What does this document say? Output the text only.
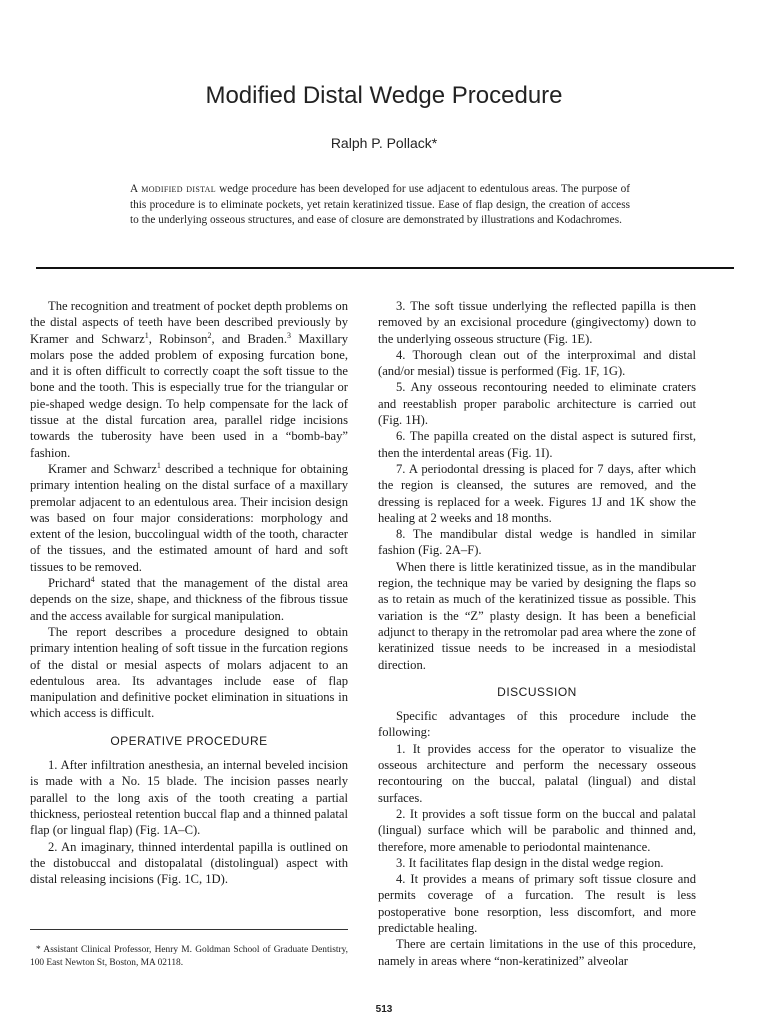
Modified Distal Wedge Procedure
Ralph P. Pollack*
A modified distal wedge procedure has been developed for use adjacent to edentulous areas. The purpose of this procedure is to eliminate pockets, yet retain keratinized tissue. Ease of flap design, the creation of access to the underlying osseous structures, and ease of closure are demonstrated by illustrations and Kodachromes.

The recognition and treatment of pocket depth problems on the distal aspects of teeth have been described previously by Kramer and Schwarz$^1$, Robinson$^2$, and Braden.$^3$ Maxillary molars pose the added problem of exposing furcation bone, and it is often difficult to correctly coapt the soft tissue to the bone and the tooth. This is especially true for the triangular or pie-shaped wedge design. To help compensate for the lack of tissue at the distal furcation area, parallel ridge incisions towards the tuberosity have been used in a “bomb-bay” fashion.

Kramer and Schwarz$^1$ described a technique for obtaining primary intention healing on the distal surface of a maxillary premolar adjacent to an edentulous area. Their incision design was based on four major considerations: morphology and extent of the lesion, buccolingual width of the tooth, character of the tissues, and the estimated amount of hard and soft tissues to be removed.

Prichard$^4$ stated that the management of the distal area depends on the size, shape, and thickness of the fibrous tissue and the access available for surgical manipulation.

The report describes a procedure designed to obtain primary intention healing of soft tissue in the furcation regions of the distal or mesial aspects of molars adjacent to an edentulous area. Its advantages include ease of flap manipulation and definitive pocket elimination in situations in which access is difficult.

OPERATIVE PROCEDURE

1. After infiltration anesthesia, an internal beveled incision is made with a No. 15 blade. The incision passes nearly parallel to the long axis of the tooth creating a partial thickness, periosteal retention buccal flap and a thinned palatal flap (or lingual flap) (Fig. 1A–C).

2. An imaginary, thinned interdental papilla is outlined on the distobuccal and distopalatal (distolingual) aspect with distal releasing incisions (Fig. 1C, 1D).

* Assistant Clinical Professor, Henry M. Goldman School of Graduate Dentistry, 100 East Newton St, Boston, MA 02118.

3. The soft tissue underlying the reflected papilla is then removed by an excisional procedure (gingivectomy) down to the underlying osseous structure (Fig. 1E).

4. Thorough clean out of the interproximal and distal (and/or mesial) tissue is performed (Fig. 1F, 1G).

5. Any osseous recontouring needed to eliminate craters and reestablish proper parabolic architecture is carried out (Fig. 1H).

6. The papilla created on the distal aspect is sutured first, then the interdental areas (Fig. 1I).

7. A periodontal dressing is placed for 7 days, after which the region is cleansed, the sutures are removed, and the dressing is replaced for a week. Figures 1J and 1K show the healing at 2 weeks and 18 months.

8. The mandibular distal wedge is handled in similar fashion (Fig. 2A–F).

When there is little keratinized tissue, as in the mandibular region, the technique may be varied by designing the flaps so as to retain as much of the keratinized tissue as possible. This variation is the “Z” plasty design. It has been a beneficial adjunct to therapy in the retromolar pad area where the zone of keratinized tissue needs to be increased in a mesiodistal direction.

DISCUSSION

Specific advantages of this procedure include the following:

1. It provides access for the operator to visualize the osseous architecture and perform the necessary osseous recontouring on the buccal, palatal (lingual) and distal surfaces.

2. It provides a soft tissue form on the buccal and palatal (lingual) surface which will be parabolic and thinned and, therefore, more amenable to periodontal maintenance.

3. It facilitates flap design in the distal wedge region.

4. It provides a means of primary soft tissue closure and permits coverage of a furcation. The result is less postoperative bone resorption, less discomfort, and more predictable healing.

There are certain limitations in the use of this procedure, namely in areas where “non-keratinized” alveolar

513
